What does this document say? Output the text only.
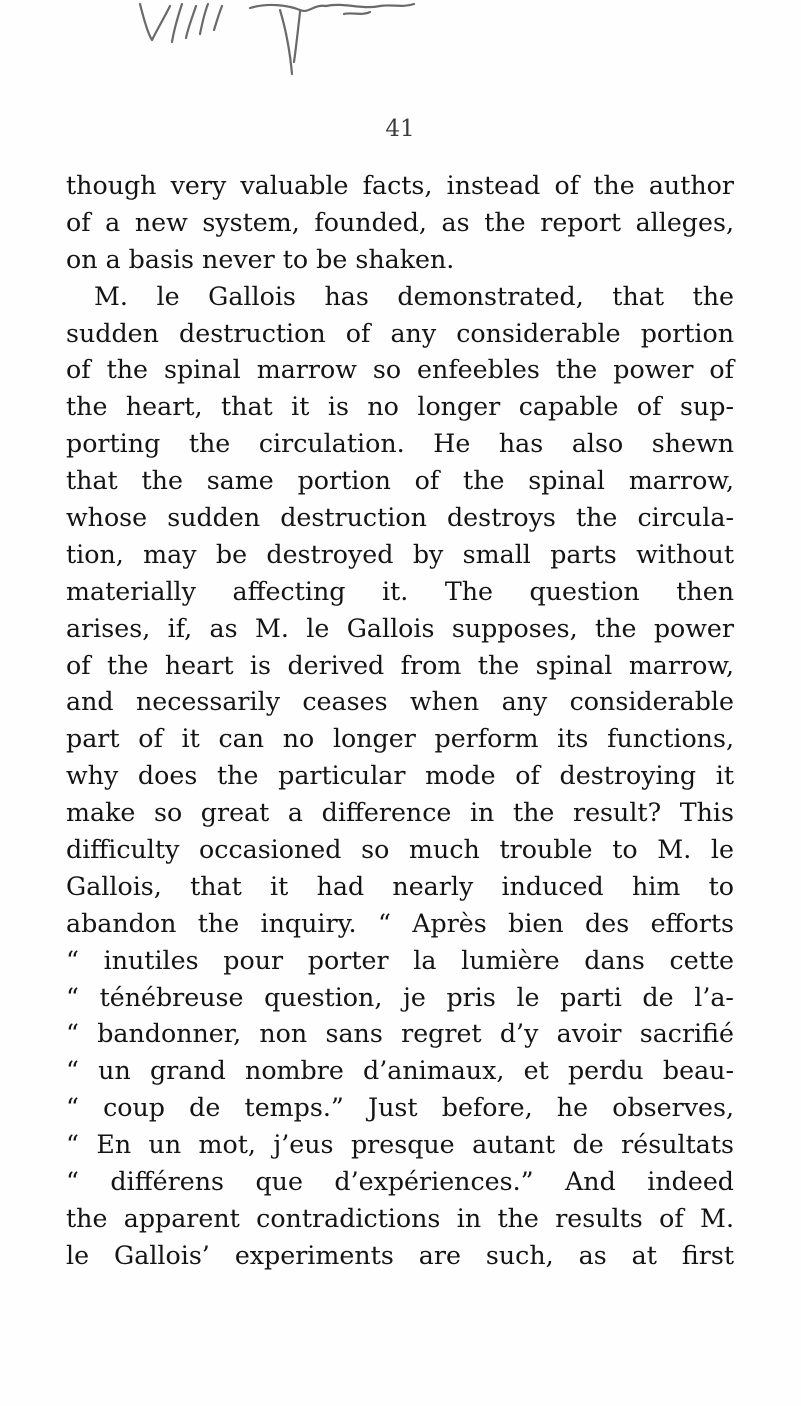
41
though very valuable facts, instead of the author
of a new system, founded, as the report alleges,
on a basis never to be shaken.
M. le Gallois has demonstrated, that the
sudden destruction of any considerable portion
of the spinal marrow so enfeebles the power of
the heart, that it is no longer capable of sup-
porting the circulation. He has also shewn
that the same portion of the spinal marrow,
whose sudden destruction destroys the circula-
tion, may be destroyed by small parts without
materially affecting it. The question then
arises, if, as M. le Gallois supposes, the power
of the heart is derived from the spinal marrow,
and necessarily ceases when any considerable
part of it can no longer perform its functions,
why does the particular mode of destroying it
make so great a difference in the result? This
difficulty occasioned so much trouble to M. le
Gallois, that it had nearly induced him to
abandon the inquiry. “ Après bien des efforts
“ inutiles pour porter la lumière dans cette
“ ténébreuse question, je pris le parti de l’a-
“ bandonner, non sans regret d’y avoir sacrifié
“ un grand nombre d’animaux, et perdu beau-
“ coup de temps.” Just before, he observes,
“ En un mot, j’eus presque autant de résultats
“ différens que d’expériences.” And indeed
the apparent contradictions in the results of M.
le Gallois’ experiments are such, as at first
